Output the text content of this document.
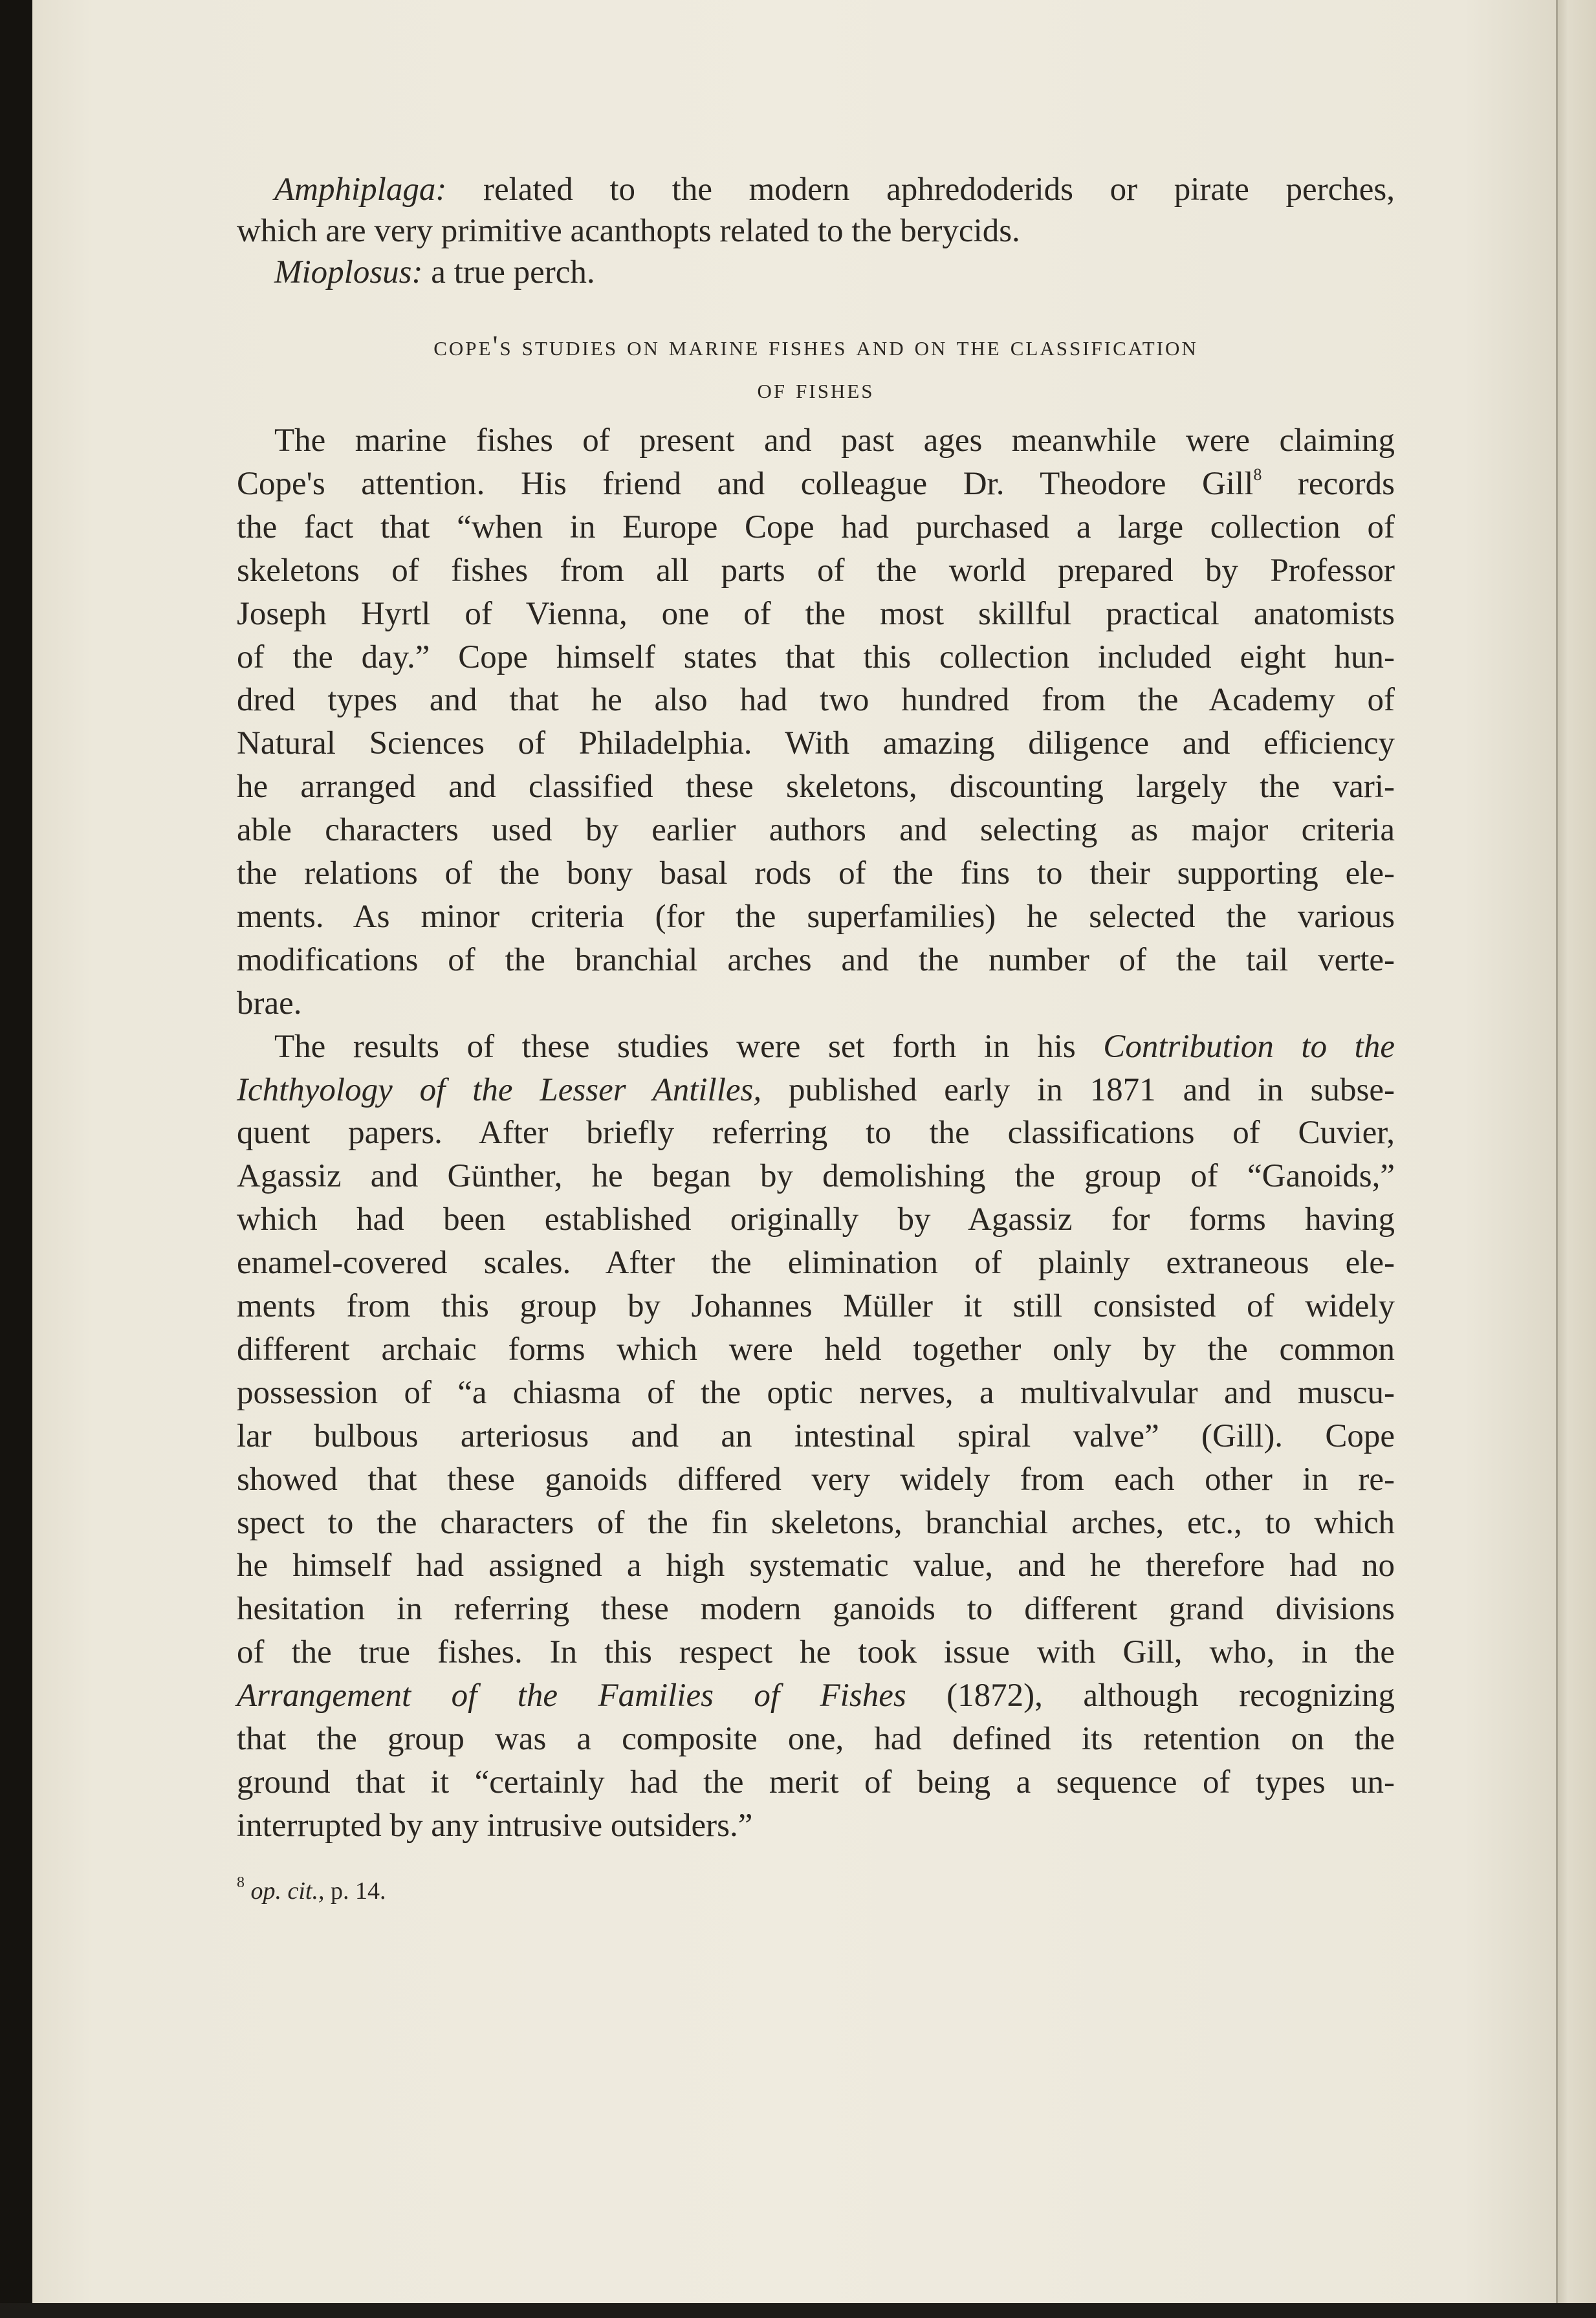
Amphiplaga: related to the modern aphredoderids or pirate perches,
which are very primitive acanthopts related to the berycids.
Mioplosus: a true perch.
cope's studies on marine fishes and on the classification
of fishes
The marine fishes of present and past ages meanwhile were claiming
Cope's attention. His friend and colleague Dr. Theodore Gill$^8$ records
the fact that “when in Europe Cope had purchased a large collection of
skeletons of fishes from all parts of the world prepared by Professor
Joseph Hyrtl of Vienna, one of the most skillful practical anatomists
of the day.” Cope himself states that this collection included eight hun-
dred types and that he also had two hundred from the Academy of
Natural Sciences of Philadelphia. With amazing diligence and efficiency
he arranged and classified these skeletons, discounting largely the vari-
able characters used by earlier authors and selecting as major criteria
the relations of the bony basal rods of the fins to their supporting ele-
ments. As minor criteria (for the superfamilies) he selected the various
modifications of the branchial arches and the number of the tail verte-
brae.
The results of these studies were set forth in his Contribution to the
Ichthyology of the Lesser Antilles, published early in 1871 and in subse-
quent papers. After briefly referring to the classifications of Cuvier,
Agassiz and Günther, he began by demolishing the group of “Ganoids,”
which had been established originally by Agassiz for forms having
enamel-covered scales. After the elimination of plainly extraneous ele-
ments from this group by Johannes Müller it still consisted of widely
different archaic forms which were held together only by the common
possession of “a chiasma of the optic nerves, a multivalvular and muscu-
lar bulbous arteriosus and an intestinal spiral valve” (Gill). Cope
showed that these ganoids differed very widely from each other in re-
spect to the characters of the fin skeletons, branchial arches, etc., to which
he himself had assigned a high systematic value, and he therefore had no
hesitation in referring these modern ganoids to different grand divisions
of the true fishes. In this respect he took issue with Gill, who, in the
Arrangement of the Families of Fishes (1872), although recognizing
that the group was a composite one, had defined its retention on the
ground that it “certainly had the merit of being a sequence of types un-
interrupted by any intrusive outsiders.”
$^8$ op. cit., p. 14.
